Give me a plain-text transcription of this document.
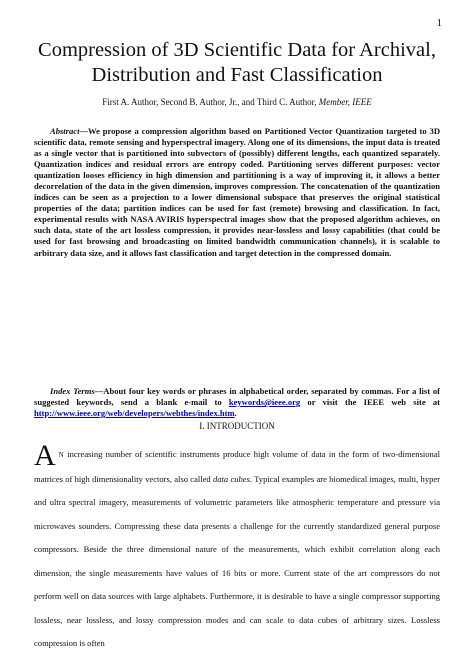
1
Compression of 3D Scientific Data for Archival,
Distribution and Fast Classification
First A. Author, Second B. Author, Jr., and Third C. Author, Member, IEEE
Abstract—We propose a compression algorithm based on Partitioned Vector Quantization targeted to 3D scientific data, remote sensing and hyperspectral imagery. Along one of its dimensions, the input data is treated as a single vector that is partitioned into subvectors of (possibly) different lengths, each quantized separately. Quantization indices and residual errors are entropy coded. Partitioning serves different purposes: vector quantization looses efficiency in high dimension and partitioning is a way of improving it, it allows a better decorrelation of the data in the given dimension, improves compression. The concatenation of the quantization indices can be seen as a projection to a lower dimensional subspace that preserves the original statistical properties of the data; partition indices can be used for fast (remote) browsing and classification. In fact, experimental results with NASA AVIRIS hyperspectral images show that the proposed algorithm achieves, on such data, state of the art lossless compression, it provides near-lossless and lossy capabilities (that could be used for fast browsing and broadcasting on limited bandwidth communication channels), it is scalable to arbitrary data size, and it allows fast classification and target detection in the compressed domain.
Index Terms—About four key words or phrases in alphabetical order, separated by commas. For a list of suggested keywords, send a blank e-mail to keywords@ieee.org or visit the IEEE web site at http://www.ieee.org/web/developers/webthes/index.htm.
I. INTRODUCTION
A N increasing number of scientific instruments produce high volume of data in the form of two-dimensional matrices of high dimensionality vectors, also called data cubes. Typical examples are biomedical images, multi, hyper and ultra spectral imagery, measurements of volumetric parameters like atmospheric temperature and pressure via microwaves sounders. Compressing these data presents a challenge for the currently standardized general purpose compressors. Beside the three dimensional nature of the measurements, which exhibit correlation along each dimension, the single measurements have values of 16 bits or more. Current state of the art compressors do not perform well on data sources with large alphabets. Furthermore, it is desirable to have a single compressor supporting lossless, near lossless, and lossy compression modes and can scale to data cubes of arbitrary sizes. Lossless compression is often
